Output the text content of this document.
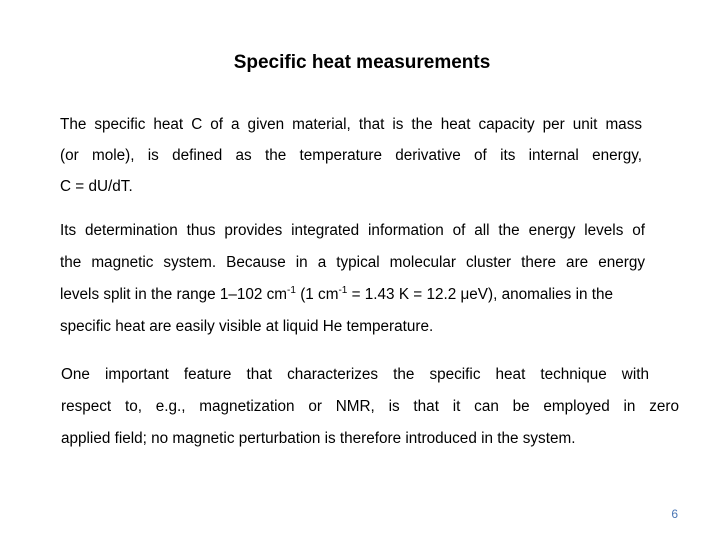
Specific heat measurements
The specific heat C of a given material, that is the heat capacity per unit mass
(or mole), is defined as the temperature derivative of its internal energy,
C = dU/dT.
Its determination thus provides integrated information of all the energy levels of
the magnetic system. Because in a typical molecular cluster there are energy
levels split in the range 1–102 $cm^{-1}$ (1 $cm^{-1} = 1.43$ K = 12.2 μeV), anomalies in the
specific heat are easily visible at liquid He temperature.
One important feature that characterizes the specific heat technique with
respect to, e.g., magnetization or NMR, is that it can be employed in zero
applied field; no magnetic perturbation is therefore introduced in the system.
6
